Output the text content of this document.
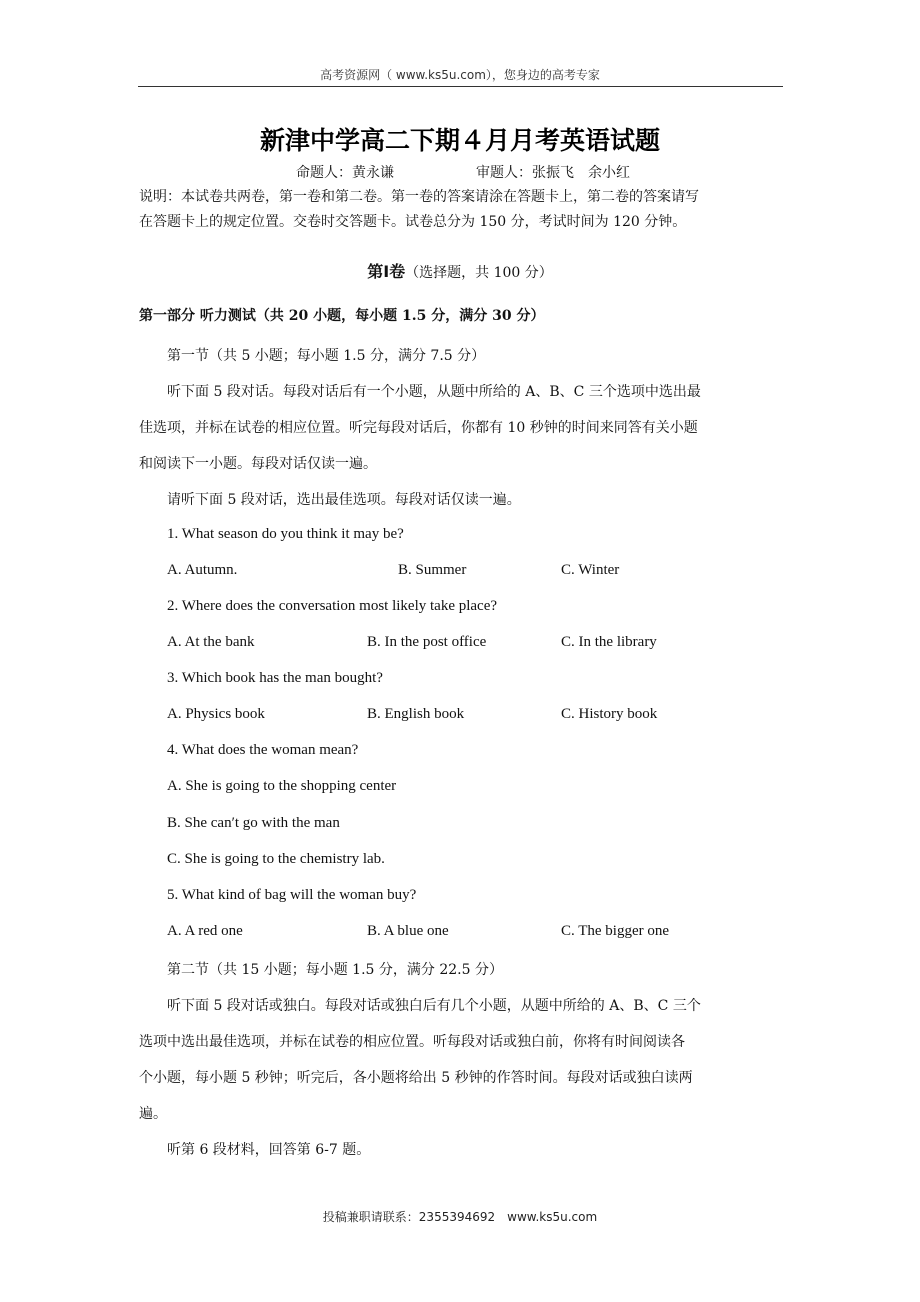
高考资源网（ www.ks5u.com），您身边的高考专家
新津中学高二下期４月月考英语试题
命题人：黄永谦	审题人：张振飞　余小红
说明：本试卷共两卷，第一卷和第二卷。第一卷的答案请涂在答题卡上，第二卷的答案请写
在答题卡上的规定位置。交卷时交答题卡。试卷总分为 150 分，考试时间为 120 分钟。
第Ⅰ卷（选择题，共 100 分）
第一部分 听力测试（共 20 小题，每小题 1.5 分，满分 30 分）
第一节（共 5 小题；每小题 1.5 分，满分 7.5 分）
听下面 5 段对话。每段对话后有一个小题，从题中所给的 A、B、C 三个选项中选出最
佳选项，并标在试卷的相应位置。听完每段对话后，你都有 10 秒钟的时间来同答有关小题
和阅读下一小题。每段对话仅读一遍。
请听下面 5 段对话，选出最佳选项。每段对话仅读一遍。
1. What season do you think it may be?
A. Autumn.	B. Summer	C. Winter
2. Where does the conversation most likely take place?
A. At the bank	B. In the post office	C. In the library
3. Which book has the man bought?
A. Physics book	B. English book	C. History book
4. What does the woman mean?
A. She is going to the shopping center
B. She can′t go with the man
C. She is going to the chemistry lab.
5. What kind of bag will the woman buy?
A. A red one	B. A blue one	C. The bigger one
第二节（共 15 小题；每小题 1.5 分，满分 22.5 分）
听下面 5 段对话或独白。每段对话或独白后有几个小题，从题中所给的 A、B、C 三个
选项中选出最佳选项，并标在试卷的相应位置。听每段对话或独白前，你将有时间阅读各
个小题，每小题 5 秒钟；听完后，各小题将给出 5 秒钟的作答时间。每段对话或独白读两
遍。
听第 6 段材料，回答第 6-7 题。
投稿兼职请联系：2355394692　www.ks5u.com
